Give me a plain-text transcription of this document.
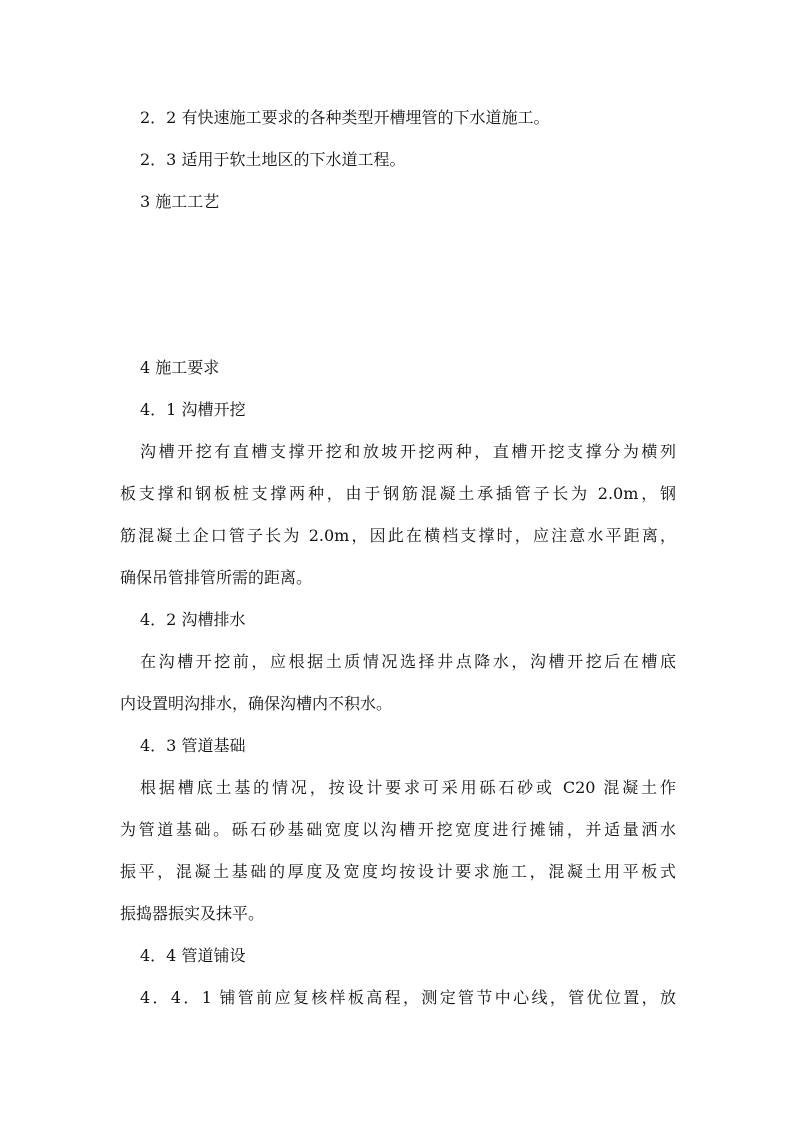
2．2 有快速施工要求的各种类型开槽埋管的下水道施工。
2．3 适用于软土地区的下水道工程。
3 施工工艺
4 施工要求
4．1 沟槽开挖
沟槽开挖有直槽支撑开挖和放坡开挖两种，直槽开挖支撑分为横列
板支撑和钢板桩支撑两种，由于钢筋混凝土承插管子长为 2.0m，钢
筋混凝土企口管子长为 2.0m，因此在横档支撑时，应注意水平距离，
确保吊管排管所需的距离。
4．2 沟槽排水
在沟槽开挖前，应根据土质情况选择井点降水，沟槽开挖后在槽底
内设置明沟排水，确保沟槽内不积水。
4．3 管道基础
根据槽底土基的情况，按设计要求可采用砾石砂或 C20 混凝土作
为管道基础。砾石砂基础宽度以沟槽开挖宽度进行摊铺，并适量洒水
振平，混凝土基础的厚度及宽度均按设计要求施工，混凝土用平板式
振捣器振实及抹平。
4．4 管道铺设
4．4．1 铺管前应复核样板高程，测定管节中心线，管优位置，放
